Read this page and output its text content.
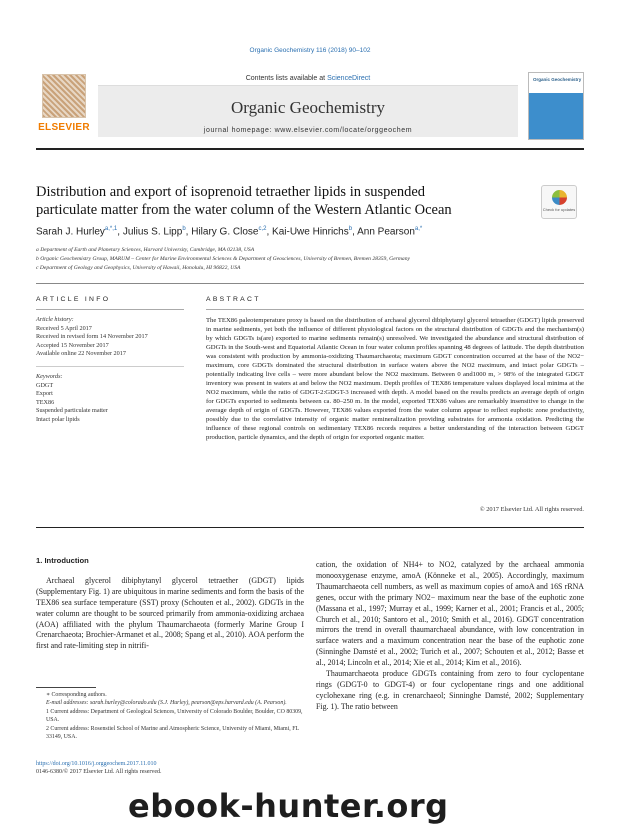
Organic Geochemistry 116 (2018) 90–102
ELSEVIER
Contents lists available at ScienceDirect
Organic Geochemistry
journal homepage: www.elsevier.com/locate/orggeochem
Organic Geochemistry
Distribution and export of isoprenoid tetraether lipids in suspended
particulate matter from the water column of the Western Atlantic Ocean	Check for updates
Sarah J. Hurley$^{a,*,1}$, Julius S. Lipp$^b$, Hilary G. Close$^{c,2}$, Kai-Uwe Hinrichs$^b$, Ann Pearson$^{a,*}$
a Department of Earth and Planetary Sciences, Harvard University, Cambridge, MA 02138, USA
b Organic Geochemistry Group, MARUM – Center for Marine Environmental Sciences & Department of Geosciences, University of Bremen, Bremen 28359, Germany
c Department of Geology and Geophysics, University of Hawaii, Honolulu, HI 96822, USA
ARTICLE INFO	ABSTRACT
Article history:
Received 5 April 2017
Received in revised form 14 November 2017
Accepted 15 November 2017
Available online 22 November 2017
Keywords:
GDGT
Export
TEX86
Suspended particulate matter
Intact polar lipids
The TEX86 paleotemperature proxy is based on the distribution of archaeal glycerol dibiphytanyl glycerol tetraether (GDGT) lipids preserved in marine sediments, yet both the influence of different physiological factors on the structural distribution of GDGTs and the mechanism(s) by which GDGTs is(are) exported to marine sediments remain(s) unresolved. We investigated the abundance and structural distribution of GDGTs in the South-west and Equatorial Atlantic Ocean in four water column profiles spanning 48 degrees of latitude. The depth distribution was consistent with production by ammonia-oxidizing Thaumarchaeota; maximum GDGT concentration occurred at the base of the NO2− maximum, core GDGTs dominated the structural distribution in surface waters above the NO2 maximum, and intact polar GDGTs – potentially indicating live cells – were more abundant below the NO2 maximum. Between 0 and1000 m, > 98% of the integrated GDGT inventory was present in waters at and below the NO2 maximum. Depth profiles of TEX86 temperature values displayed local minima at the NO2 maximum, while the ratio of GDGT-2:GDGT-3 increased with depth. A model based on the results predicts an average depth of origin for GDGTs exported to sediments between ca. 80–250 m. In the model, exported TEX86 values are remarkably insensitive to change in the average depth of origin of GDGTs. However, TEX86 values exported from the water column appear to reflect euphotic zone productivity, possibly due to the correlative intensity of organic matter remineralization providing substrates for ammonia oxidation. Predicting the influence of these regional controls on sedimentary TEX86 records requires a better understanding of the interaction between GDGT production, particle dynamics, and the depth of origin for exported organic matter.
© 2017 Elsevier Ltd. All rights reserved.
1. Introduction

Archaeal glycerol dibiphytanyl glycerol tetraether (GDGT) lipids (Supplementary Fig. 1) are ubiquitous in marine sediments and form the basis of the TEX86 sea surface temperature (SST) proxy (Schouten et al., 2002). GDGTs in the water column are thought to be sourced primarily from ammonia-oxidizing archaea (AOA) affiliated with the phylum Thaumarchaeota (formerly Marine Group I Crenarchaeota; Brochier-Armanet et al., 2008; Spang et al., 2010). AOA perform the first and rate-limiting step in nitrifi-

cation, the oxidation of NH4+ to NO2, catalyzed by the archaeal ammonia monooxygenase enzyme, amoA (Könneke et al., 2005). Accordingly, maximum Thaumarchaeota cell numbers, as well as maximum copies of amoA and 16S rRNA genes, occur with the primary NO2− maximum near the base of the euphotic zone (Massana et al., 1997; Murray et al., 1999; Karner et al., 2001; Francis et al., 2005; Church et al., 2010; Santoro et al., 2010; Smith et al., 2016). GDGT concentration mirrors the trend in overall thaumarchaeal abundance, with low concentration in surface waters and a maximum concentration near the base of the euphotic zone (Sinninghe Damsté et al., 2002; Turich et al., 2007; Schouten et al., 2012; Basse et al., 2014; Lincoln et al., 2014; Xie et al., 2014; Kim et al., 2016).

Thaumarchaeota produce GDGTs containing from zero to four cyclopentane rings (GDGT-0 to GDGT-4) or four cyclopentane rings and one additional cyclohexane ring (e.g. in crenarchaeol; Sinninghe Damsté, 2002; Supplementary Fig. 1). The ratio between

∗ Corresponding authors.
E-mail addresses: sarah.hurley@colorado.edu (S.J. Hurley), pearson@eps.harvard.edu (A. Pearson).
1 Current address: Department of Geological Sciences, University of Colorado Boulder, Boulder, CO 80309, USA.
2 Current address: Rosenstiel School of Marine and Atmospheric Science, University of Miami, Miami, FL 33149, USA.
https://doi.org/10.1016/j.orggeochem.2017.11.010
0146-6380/© 2017 Elsevier Ltd. All rights reserved.
ebook-hunter.org
